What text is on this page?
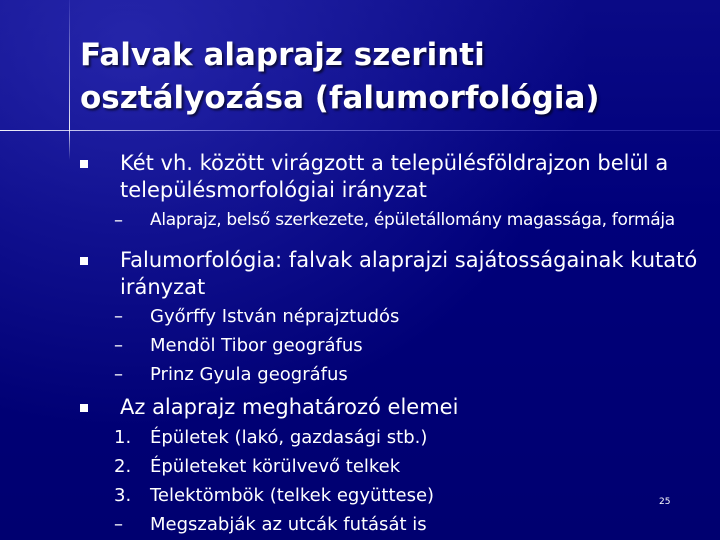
Falvak alaprajz szerinti
osztályozása (falumorfológia)
Két vh. között virágzott a településföldrajzon belül a
településmorfológiai irányzat
–	Alaprajz, belső szerkezete, épületállomány magassága, formája
Falumorfológia: falvak alaprajzi sajátosságainak kutató
irányzat
–	Győrffy István néprajztudós
–	Mendöl Tibor geográfus
–	Prinz Gyula geográfus
Az alaprajz meghatározó elemei
1.	Épületek (lakó, gazdasági stb.)
2.	Épületeket körülvevő telkek
3.	Telektömbök (telkek együttese)
–	Megszabják az utcák futását is
25
